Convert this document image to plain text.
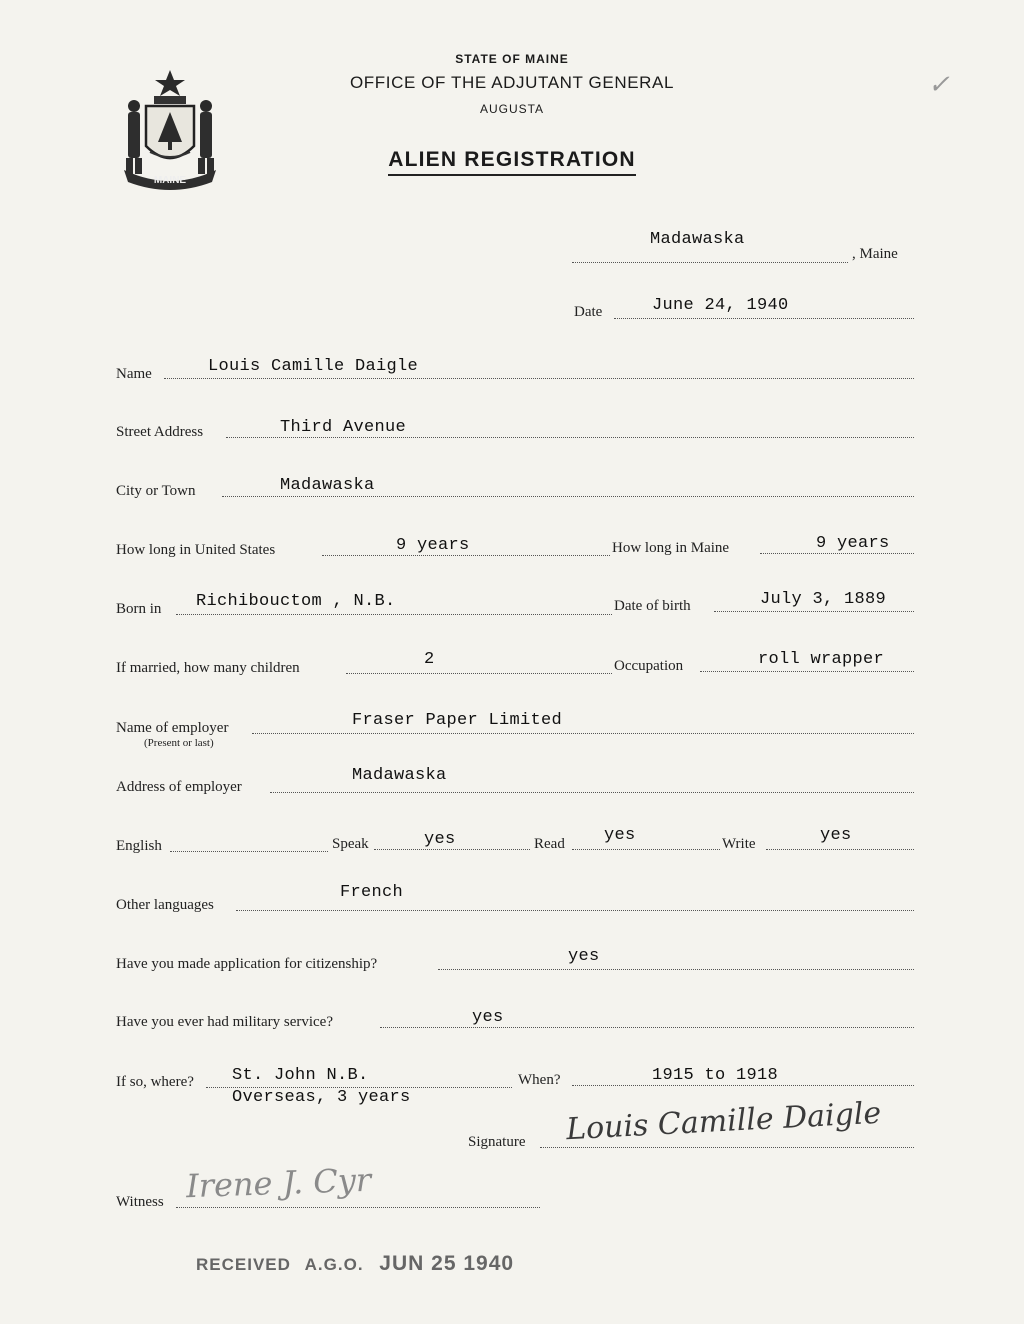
STATE OF MAINE
OFFICE OF THE ADJUTANT GENERAL
AUGUSTA
ALIEN REGISTRATION
MAINE
✓
Madawaska
, Maine
Date	June 24, 1940
Name	Louis Camille Daigle
Street Address	Third Avenue
City or Town	Madawaska
How long in United States	9 years	How long in Maine	9 years
Born in Richibouctom , N.B.	Date of birth	July 3, 1889
If married, how many children	2	Occupation	roll wrapper
Name of employer
(Present or last)
Fraser Paper Limited
Address of employer
Madawaska
English	Speak	yes	Read yes	Write	yes
Other languages
French
Have you made application for citizenship?	yes
Have you ever had military service?	yes
If so, where? St. John N.B.
Overseas, 3 years
When?	1915 to 1918
Signature Louis Camille Daigle
Witness Irene J. Cyr
RECEIVED A.G.O. JUN 25 1940
